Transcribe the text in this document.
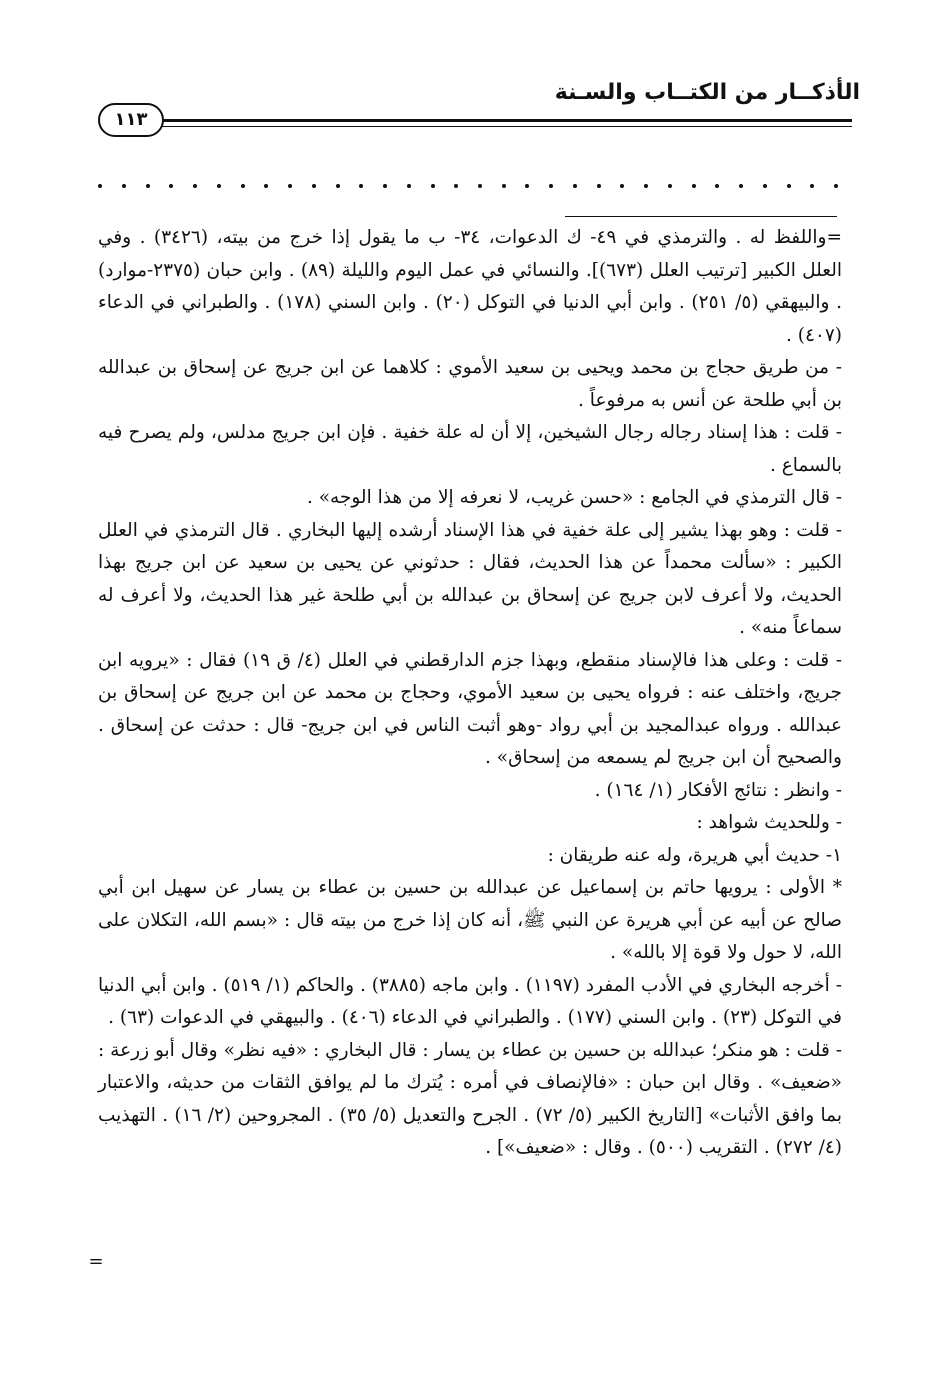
الأذكــار من الكتــاب والسـنة
١١٣

=واللفظ له . والترمذي في ٤٩- ك الدعوات، ٣٤- ب ما يقول إذا خرج من بيته، (٣٤٢٦) . وفي العلل الكبير [ترتيب العلل (٦٧٣)]. والنسائي في عمل اليوم والليلة (٨٩) . وابن حبان (٢٣٧٥-موارد) . والبيهقي (٥/ ٢٥١) . وابن أبي الدنيا في التوكل (٢٠) . وابن السني (١٧٨) . والطبراني في الدعاء (٤٠٧) .

- من طريق حجاج بن محمد ويحيى بن سعيد الأموي : كلاهما عن ابن جريج عن إسحاق بن عبدالله بن أبي طلحة عن أنس به مرفوعاً .

- قلت : هذا إسناد رجاله رجال الشيخين، إلا أن له علة خفية . فإن ابن جريج مدلس، ولم يصرح فيه بالسماع .

- قال الترمذي في الجامع : «حسن غريب، لا نعرفه إلا من هذا الوجه» .

- قلت : وهو بهذا يشير إلى علة خفية في هذا الإسناد أرشده إليها البخاري . قال الترمذي في العلل الكبير : «سألت محمداً عن هذا الحديث، فقال : حدثوني عن يحيى بن سعيد عن ابن جريج بهذا الحديث، ولا أعرف لابن جريج عن إسحاق بن عبدالله بن أبي طلحة غير هذا الحديث، ولا أعرف له سماعاً منه» .

- قلت : وعلى هذا فالإسناد منقطع، وبهذا جزم الدارقطني في العلل (٤/ ق ١٩) فقال : «يرويه ابن جريج، واختلف عنه : فرواه يحيى بن سعيد الأموي، وحجاج بن محمد عن ابن جريج عن إسحاق بن عبدالله . ورواه عبدالمجيد بن أبي رواد -وهو أثبت الناس في ابن جريج- قال : حدثت عن إسحاق . والصحيح أن ابن جريج لم يسمعه من إسحاق» .

- وانظر : نتائج الأفكار (١/ ١٦٤) .

- وللحديث شواهد :

١- حديث أبي هريرة، وله عنه طريقان :

* الأولى : يرويها حاتم بن إسماعيل عن عبدالله بن حسين بن عطاء بن يسار عن سهيل ابن أبي صالح عن أبيه عن أبي هريرة عن النبي ﷺ، أنه كان إذا خرج من بيته قال : «بسم الله، التكلان على الله، لا حول ولا قوة إلا بالله» .

- أخرجه البخاري في الأدب المفرد (١١٩٧) . وابن ماجه (٣٨٨٥) . والحاكم (١/ ٥١٩) . وابن أبي الدنيا في التوكل (٢٣) . وابن السني (١٧٧) . والطبراني في الدعاء (٤٠٦) . والبيهقي في الدعوات (٦٣) .

- قلت : هو منكر؛ عبدالله بن حسين بن عطاء بن يسار : قال البخاري : «فيه نظر» وقال أبو زرعة : «ضعيف» . وقال ابن حبان : «فالإنصاف في أمره : يُترك ما لم يوافق الثقات من حديثه، والاعتبار بما وافق الأثبات» [التاريخ الكبير (٥/ ٧٢) . الجرح والتعديل (٥/ ٣٥) . المجروحين (٢/ ١٦) . التهذيب (٤/ ٢٧٢) . التقريب (٥٠٠) . وقال : «ضعيف»] .

=
